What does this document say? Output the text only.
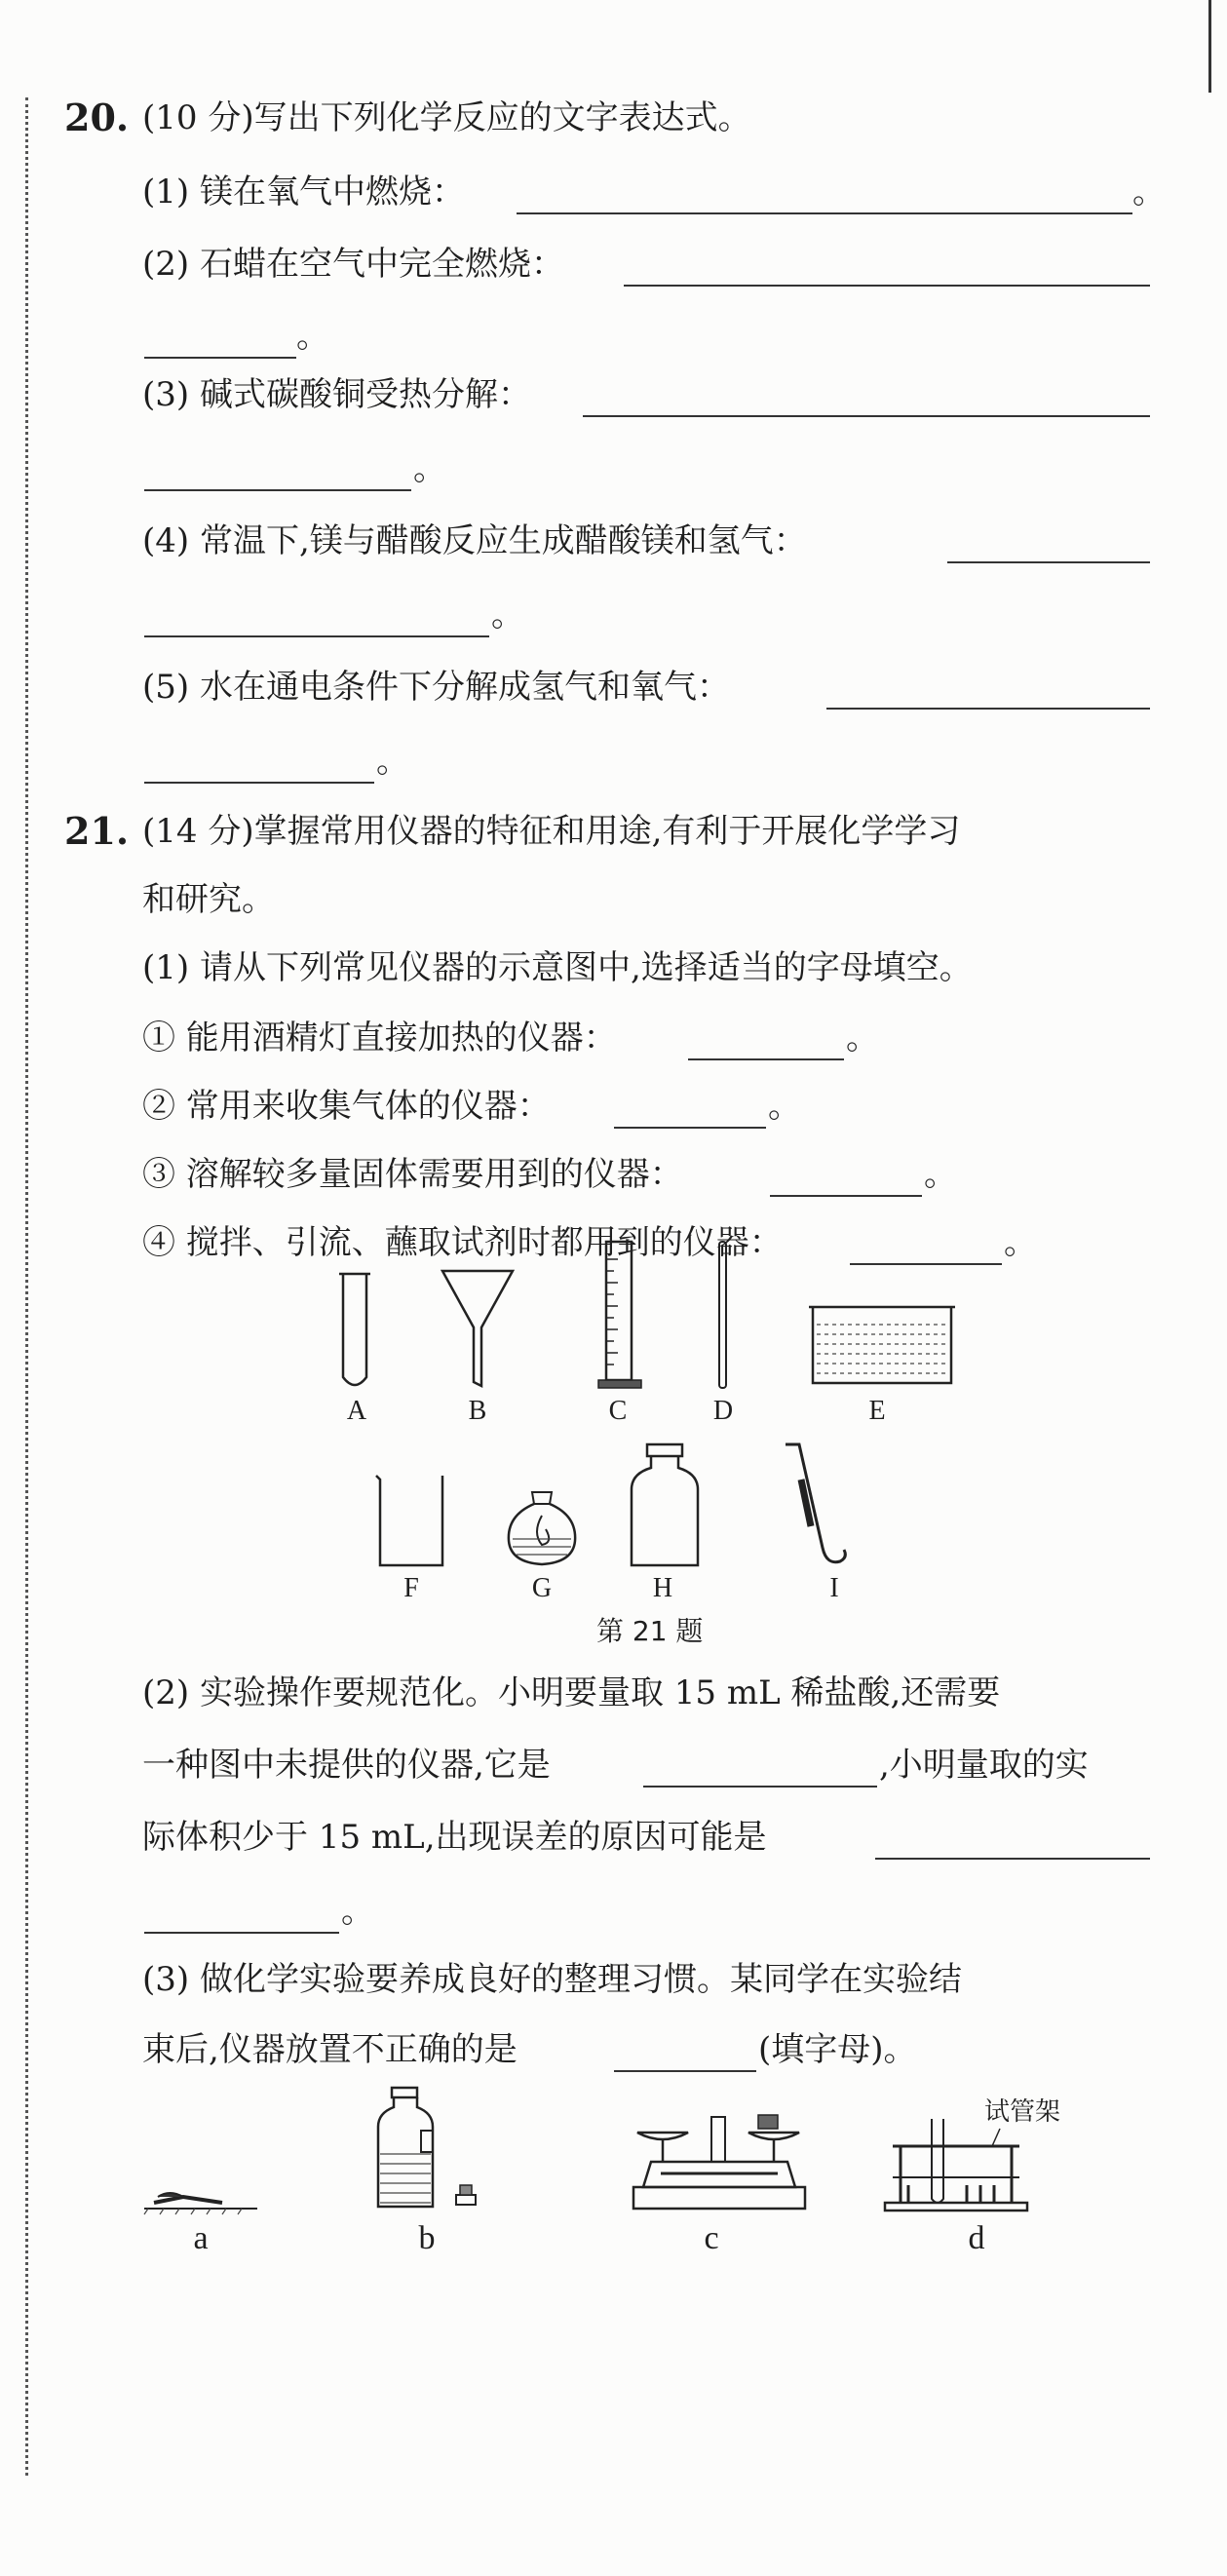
20. (10 分)写出下列化学反应的文字表达式。
(1) 镁在氧气中燃烧：	。
(2) 石蜡在空气中完全燃烧：
。
(3) 碱式碳酸铜受热分解：
。
(4) 常温下,镁与醋酸反应生成醋酸镁和氢气：
。
(5) 水在通电条件下分解成氢气和氧气：
。
21. (14 分)掌握常用仪器的特征和用途,有利于开展化学学习
和研究。
(1) 请从下列常见仪器的示意图中,选择适当的字母填空。
① 能用酒精灯直接加热的仪器：	。
② 常用来收集气体的仪器：	。
③ 溶解较多量固体需要用到的仪器：	。
④ 搅拌、引流、蘸取试剂时都用到的仪器：	。
A	B	C	D	E
F	G	H	I
第 21 题
(2) 实验操作要规范化。小明要量取 15 mL 稀盐酸,还需要
一种图中未提供的仪器,它是	,小明量取的实
际体积少于 15 mL,出现误差的原因可能是
。
(3) 做化学实验要养成良好的整理习惯。某同学在实验结
束后,仪器放置不正确的是	(填字母)。
试管架
a	b	c	d
